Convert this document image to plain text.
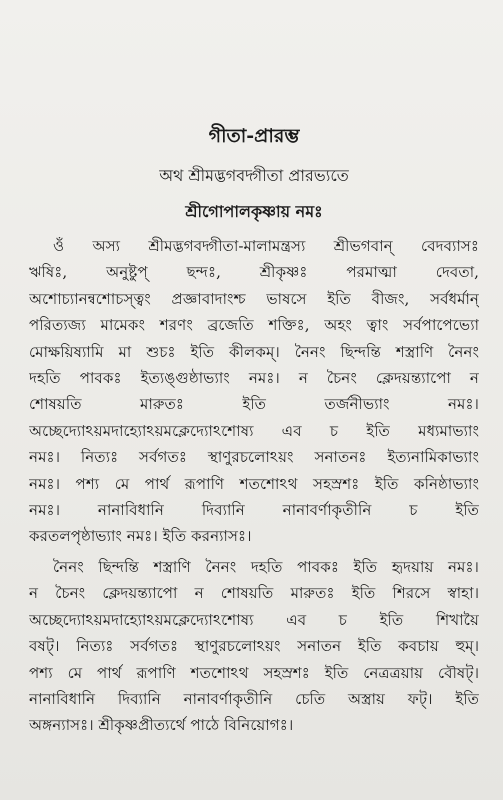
গীতা-প্রারম্ভ
অথ শ্রীমদ্ভগবদ্গীতা প্রারভ্যতে
শ্রীগোপালকৃষ্ণায় নমঃ
ওঁ অস্য শ্রীমদ্ভগবদ্গীতা-মালামন্ত্রস্য শ্রীভগবান্ বেদব্যাসঃ
ঋষিঃ, অনুষ্টুপ্ ছন্দঃ, শ্রীকৃষ্ণঃ পরমাত্মা দেবতা,
অশোচ্যানন্বশোচস্ত্বং প্রজ্ঞাবাদাংশ্চ ভাষসে ইতি বীজং, সর্বধর্মান্
পরিত্যজ্য মামেকং শরণং ব্রজেতি শক্তিঃ, অহং ত্বাং সর্বপাপেভ্যো
মোক্ষয়িষ্যামি মা শুচঃ ইতি কীলকম্। নৈনং ছিন্দন্তি শস্ত্রাণি নৈনং
দহতি পাবকঃ ইত্যঙ্গুষ্ঠাভ্যাং নমঃ। ন চৈনং ক্লেদয়ন্ত্যাপো ন
শোষয়তি মারুতঃ ইতি তর্জনীভ্যাং নমঃ।
অচ্ছেদ্যোঽয়মদাহ্যোঽয়মক্লেদ্যোঽশোষ্য এব চ ইতি মধ্যমাভ্যাং
নমঃ। নিত্যঃ সর্বগতঃ স্থাণুরচলোঽয়ং সনাতনঃ ইত্যনামিকাভ্যাং
নমঃ। পশ্য মে পার্থ রূপাণি শতশোঽথ সহস্রশঃ ইতি কনিষ্ঠাভ্যাং
নমঃ। নানাবিধানি দিব্যানি নানাবর্ণাকৃতীনি চ ইতি
করতলপৃষ্ঠাভ্যাং নমঃ। ইতি করন্যাসঃ।
নৈনং ছিন্দন্তি শস্ত্রাণি নৈনং দহতি পাবকঃ ইতি হৃদয়ায় নমঃ।
ন চৈনং ক্লেদয়ন্ত্যাপো ন শোষয়তি মারুতঃ ইতি শিরসে স্বাহা।
অচ্ছেদ্যোঽয়মদাহ্যোঽয়মক্লেদ্যোঽশোষ্য এব চ ইতি শিখায়ৈ
বষট্। নিত্যঃ সর্বগতঃ স্থাণুরচলোঽয়ং সনাতন ইতি কবচায় হুম্।
পশ্য মে পার্থ রূপাণি শতশোঽথ সহস্রশঃ ইতি নেত্রত্রয়ায় বৌষট্।
নানাবিধানি দিব্যানি নানাবর্ণাকৃতীনি চেতি অস্ত্রায় ফট্। ইতি
অঙ্গন্যাসঃ। শ্রীকৃষ্ণপ্রীত্যর্থে পাঠে বিনিয়োগঃ।
